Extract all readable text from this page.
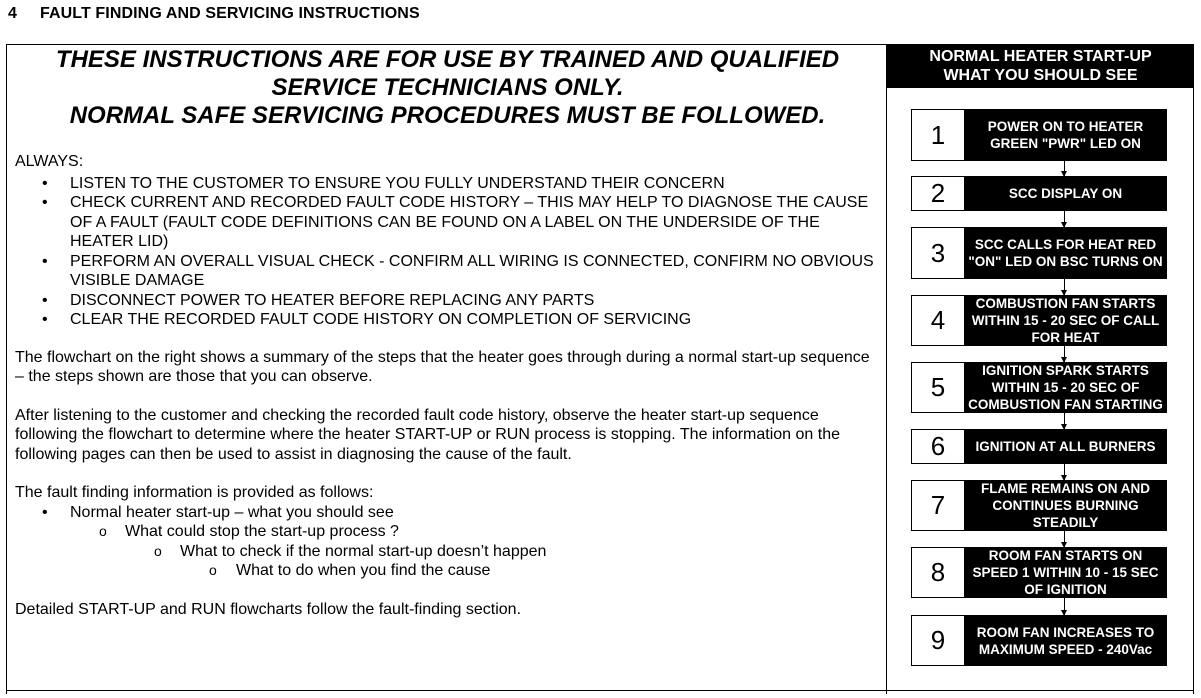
4 FAULT FINDING AND SERVICING INSTRUCTIONS
THESE INSTRUCTIONS ARE FOR USE BY TRAINED AND QUALIFIED
SERVICE TECHNICIANS ONLY.
NORMAL SAFE SERVICING PROCEDURES MUST BE FOLLOWED.
ALWAYS:
• LISTEN TO THE CUSTOMER TO ENSURE YOU FULLY UNDERSTAND THEIR CONCERN
• CHECK CURRENT AND RECORDED FAULT CODE HISTORY – THIS MAY HELP TO DIAGNOSE THE CAUSE OF A FAULT (FAULT CODE DEFINITIONS CAN BE FOUND ON A LABEL ON THE UNDERSIDE OF THE HEATER LID)
• PERFORM AN OVERALL VISUAL CHECK - CONFIRM ALL WIRING IS CONNECTED, CONFIRM NO OBVIOUS VISIBLE DAMAGE
• DISCONNECT POWER TO HEATER BEFORE REPLACING ANY PARTS
• CLEAR THE RECORDED FAULT CODE HISTORY ON COMPLETION OF SERVICING
The flowchart on the right shows a summary of the steps that the heater goes through during a normal start-up sequence – the steps shown are those that you can observe.
After listening to the customer and checking the recorded fault code history, observe the heater start-up sequence following the flowchart to determine where the heater START-UP or RUN process is stopping. The information on the following pages can then be used to assist in diagnosing the cause of the fault.
The fault finding information is provided as follows:
• Normal heater start-up – what you should see
o What could stop the start-up process ?
o What to check if the normal start-up doesn’t happen
o What to do when you find the cause
Detailed START-UP and RUN flowcharts follow the fault-finding section.
NORMAL HEATER START-UP
WHAT YOU SHOULD SEE
1	POWER ON TO HEATER GREEN "PWR" LED ON
2	SCC DISPLAY ON
3	SCC CALLS FOR HEAT RED "ON" LED ON BSC TURNS ON
4
COMBUSTION FAN STARTS WITHIN 15 - 20 SEC OF CALL FOR HEAT
5
IGNITION SPARK STARTS WITHIN 15 - 20 SEC OF COMBUSTION FAN STARTING
6	IGNITION AT ALL BURNERS
7
FLAME REMAINS ON AND CONTINUES BURNING STEADILY
8
ROOM FAN STARTS ON SPEED 1 WITHIN 10 - 15 SEC OF IGNITION
9	ROOM FAN INCREASES TO MAXIMUM SPEED - 240Vac
